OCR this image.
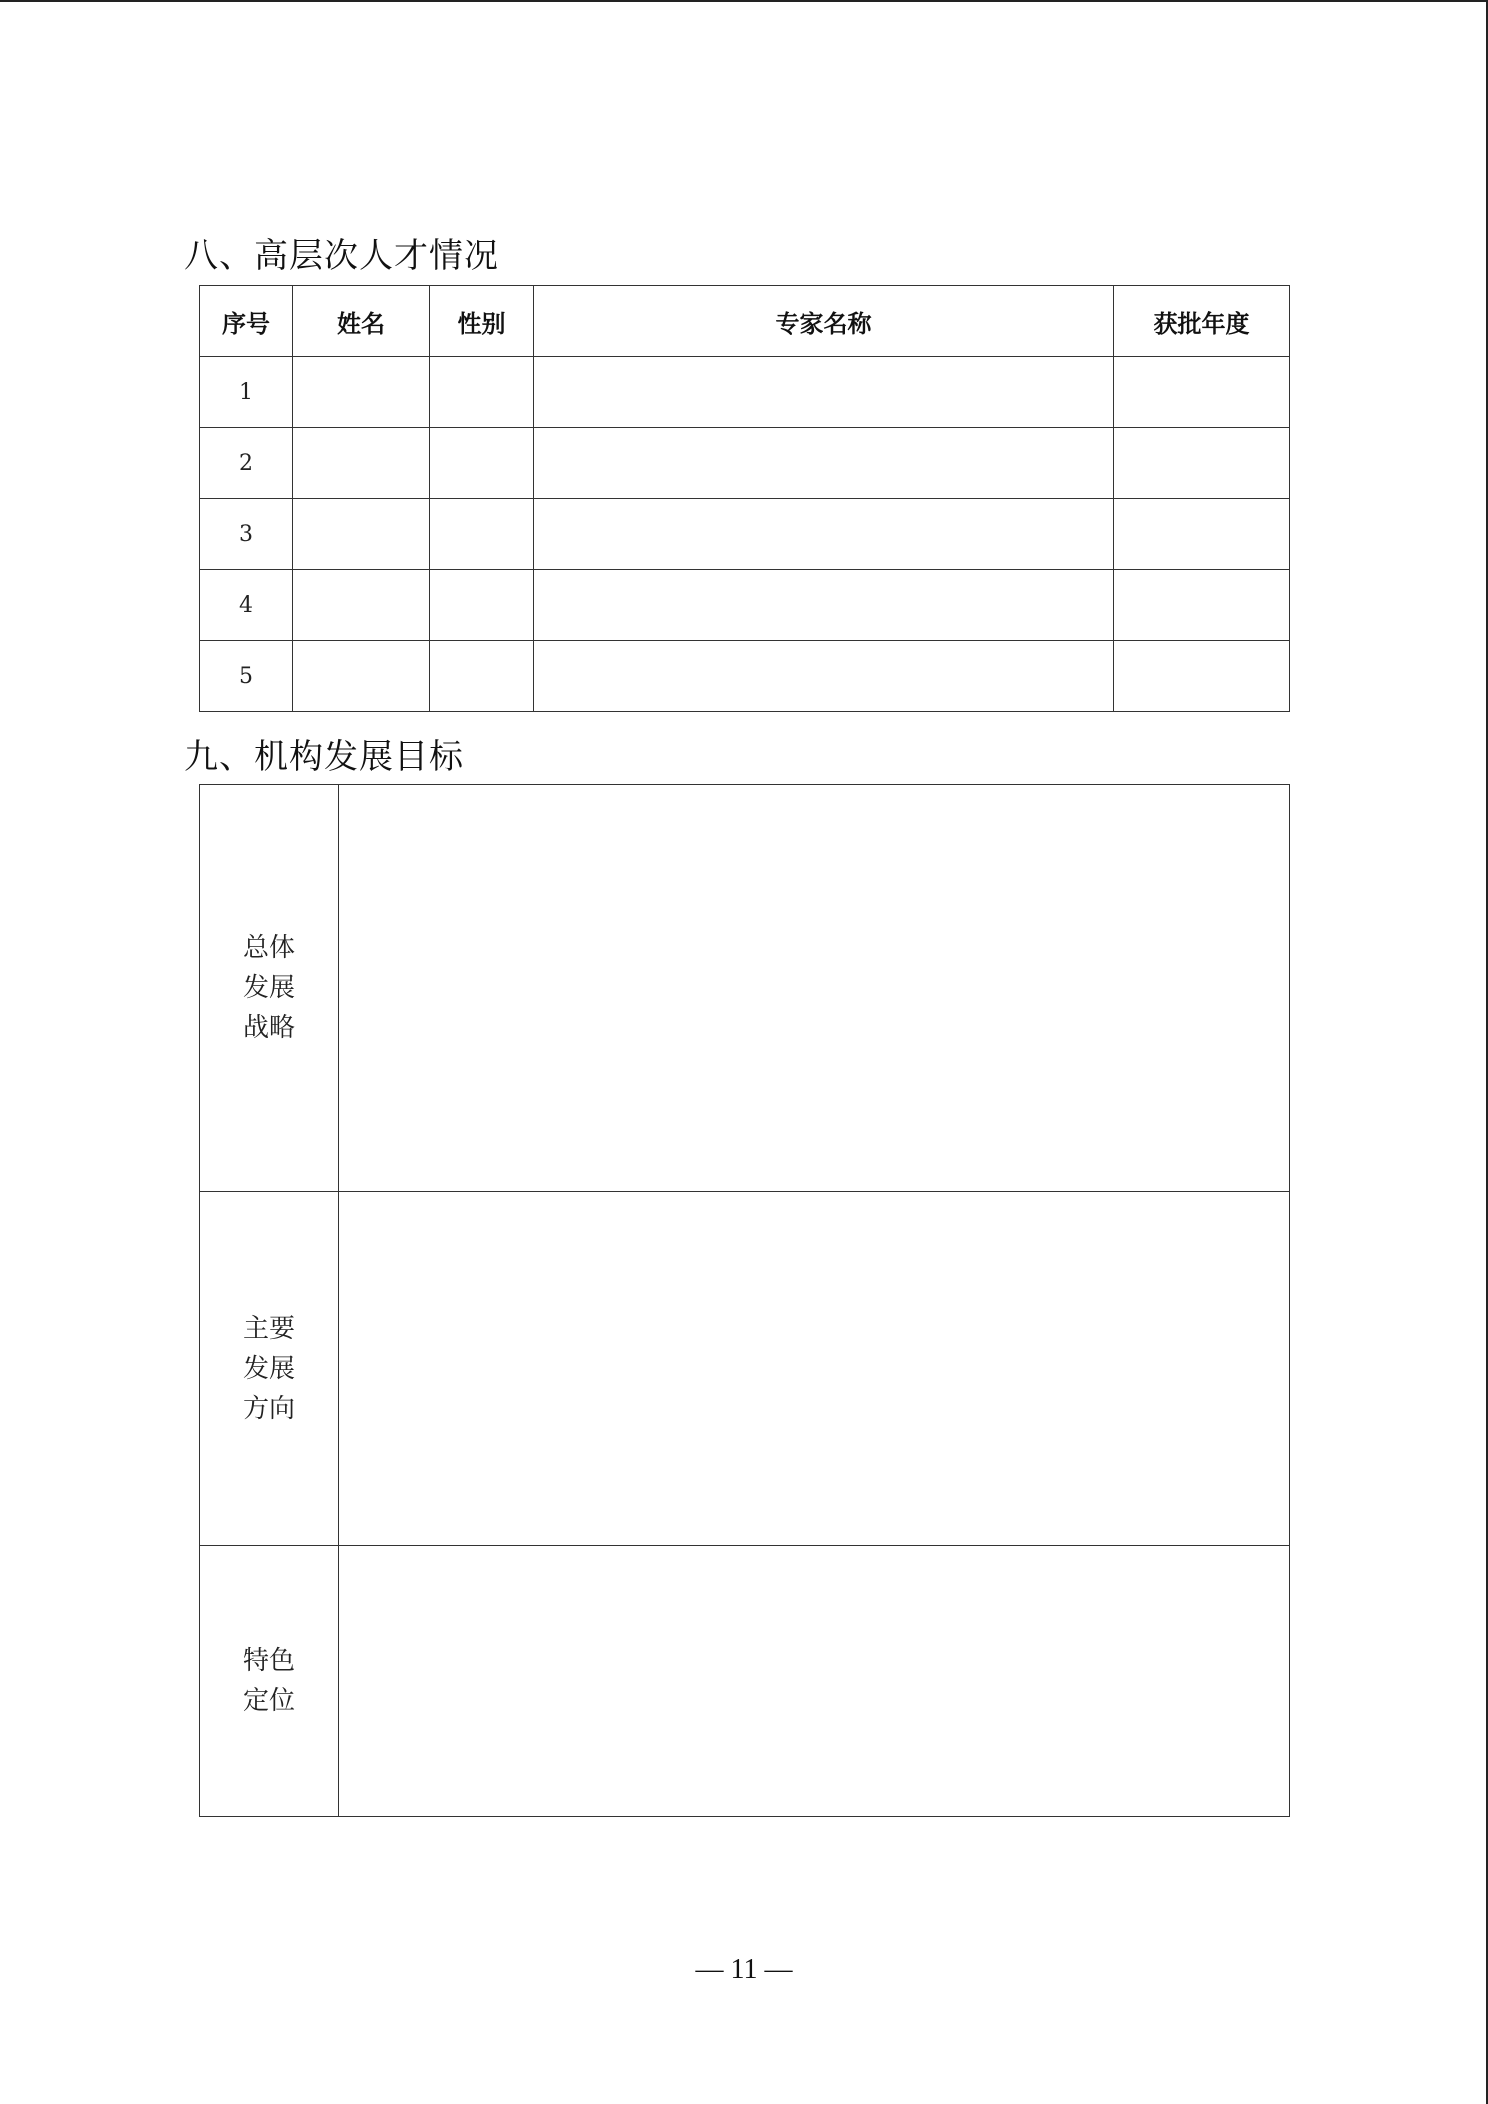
八、高层次人才情况
序号	姓名	性别	专家名称	获批年度
1				
2				
3				
4				
5				
九、机构发展目标
总体
发展
战略	

主要
发展
方向	

特色
定位	

— 11 —
